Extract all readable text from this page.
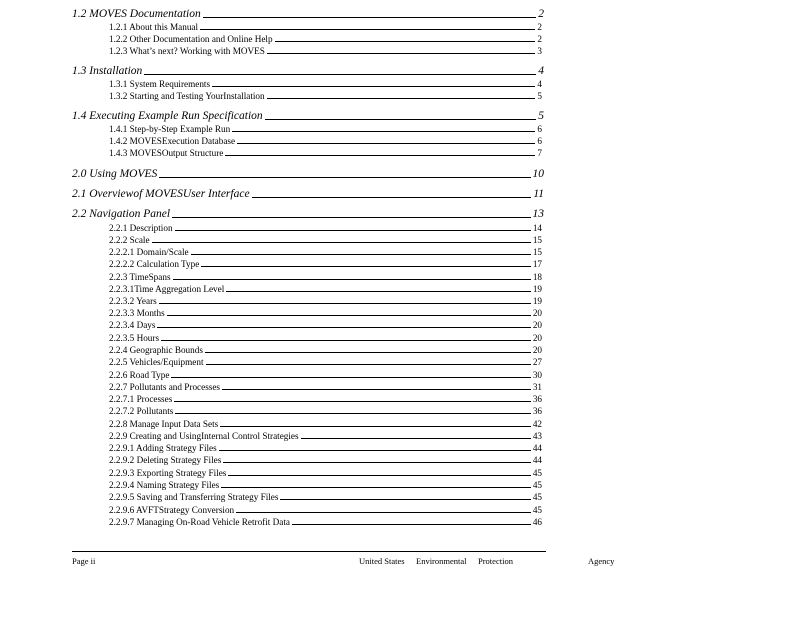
1.2 MOVES Documentation	2
1.2.1 About this Manual	2
1.2.2 Other Documentation and Online Help	2
1.2.3 What’s next? Working with MOVES	3
1.3 Installation	4
1.3.1 System Requirements	4
1.3.2 Starting and Testing YourInstallation	5
1.4 Executing Example Run Specification	5
1.4.1 Step-by-Step Example Run	6
1.4.2 MOVESExecution Database	6
1.4.3 MOVESOutput Structure	7
2.0 Using MOVES	10
2.1 Overviewof MOVESUser Interface	11
2.2 Navigation Panel	13
2.2.1 Description	14
2.2.2 Scale	15
2.2.2.1 Domain/Scale	15
2.2.2.2 Calculation Type	17
2.2.3 TimeSpans	18
2.2.3.1Time Aggregation Level	19
2.2.3.2 Years	19
2.2.3.3 Months	20
2.2.3.4 Days	20
2.2.3.5 Hours	20
2.2.4 Geographic Bounds	20
2.2.5 Vehicles/Equipment	27
2.2.6 Road Type	30
2.2.7 Pollutants and Processes	31
2.2.7.1 Processes	36
2.2.7.2 Pollutants	36
2.2.8 Manage Input Data Sets	42
2.2.9 Creating and UsingInternal Control Strategies	43
2.2.9.1 Adding Strategy Files	44
2.2.9.2 Deleting Strategy Files	44
2.2.9.3 Exporting Strategy Files	45
2.2.9.4 Naming Strategy Files	45
2.2.9.5 Saving and Transferring Strategy Files	45
2.2.9.6 AVFTStrategy Conversion	45
2.2.9.7 Managing On-Road Vehicle Retrofit Data	46
Page ii	United States Environmental Protection	Agency
